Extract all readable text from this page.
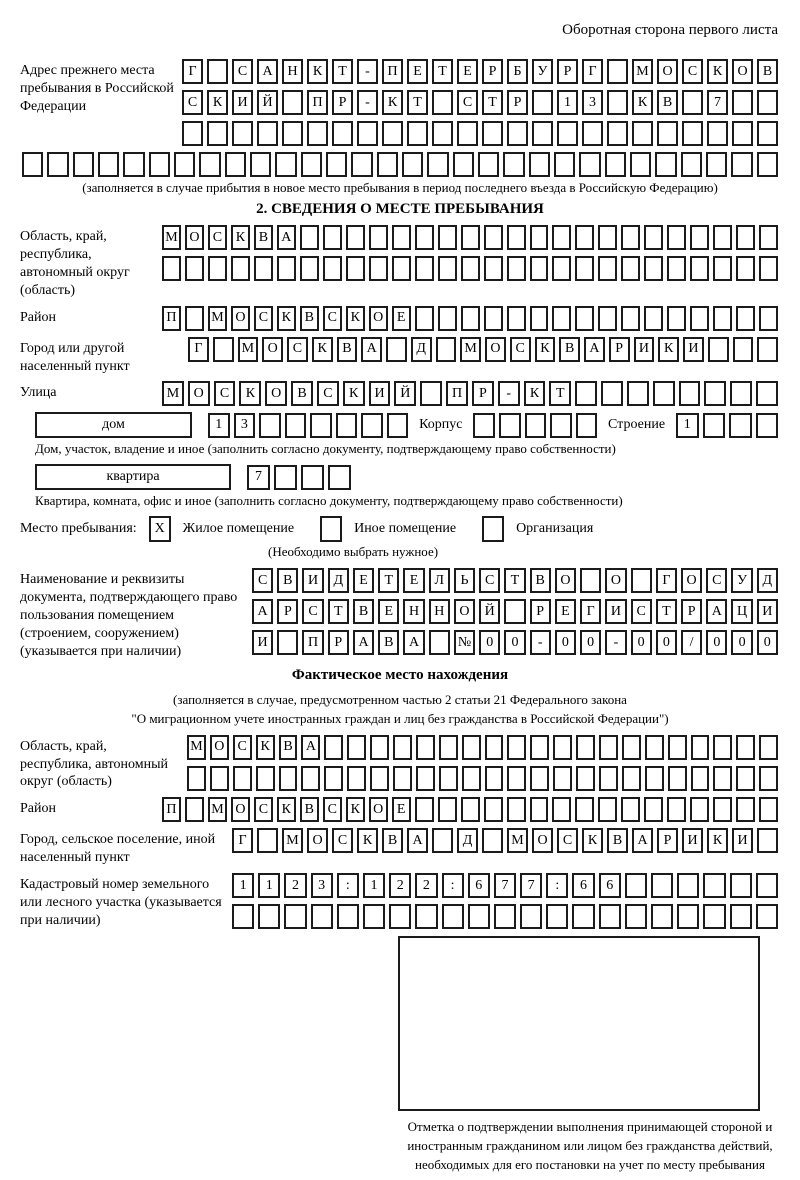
Оборотная сторона первого листа
Адрес прежнего места пребывания в Российской Федерации
Г	С	А	Н	К	Т	-	П	Е	Т	Е	Р	Б	У	Р	Г	М О	С	К	О	В
С	К	И	Й	П	Р	-	К	Т	С	Т	Р	1	3	К	В	7
(заполняется в случае прибытия в новое место пребывания в период последнего въезда в Российскую Федерацию)
2. СВЕДЕНИЯ О МЕСТЕ ПРЕБЫВАНИЯ
Область, край, республика, автономный округ (область)
М О С К В А
Район	П	М О С К В С К О Е
Город или другой населенный пункт
Г	М О	С	К	В	А	Д	М О	С	К	В	А	Р	И	К	И
Улица	М	О	С	К	О	В	С	К	И	Й	П	Р	-	К	Т
дом	1	3	Корпус	Строение	1
Дом, участок, владение и иное (заполнить согласно документу, подтверждающему право собственности)
квартира	7
Квартира, комната, офис и иное (заполнить согласно документу, подтверждающему право собственности)
Место пребывания:	X	Жилое помещение	Иное помещение	Организация
(Необходимо выбрать нужное)
Наименование и реквизиты документа, подтверждающего право пользования помещением (строением, сооружением) (указывается при наличии)
С	В	И	Д	Е	Т	Е	Л	Ь	С	Т	В	О	О	Г	О	С	У	Д
А	Р	С	Т	В	Е	Н	Н	О	Й	Р	Е	Г	И	С	Т	Р	А	Ц	И
И	П	Р	А	В	А	№	0	0	-	0	0	-	0	0	/	0	0	0
Фактическое место нахождения
(заполняется в случае, предусмотренном частью 2 статьи 21 Федерального закона
"О миграционном учете иностранных граждан и лиц без гражданства в Российской Федерации")
Область, край, республика, автономный округ (область)
М О С К В А
Район	П	М О С К В С К О Е
Город, сельское поселение, иной населенный пункт
Г	М О	С	К	В	А	Д	М О	С	К	В	А	Р	И	К	И
Кадастровый номер земельного или лесного участка (указывается при наличии)
1	1	2	3	:	1	2	2	:	6	7	7	:	6	6
Отметка о подтверждении выполнения принимающей стороной и иностранным гражданином или лицом без гражданства действий, необходимых для его постановки на учет по месту пребывания
